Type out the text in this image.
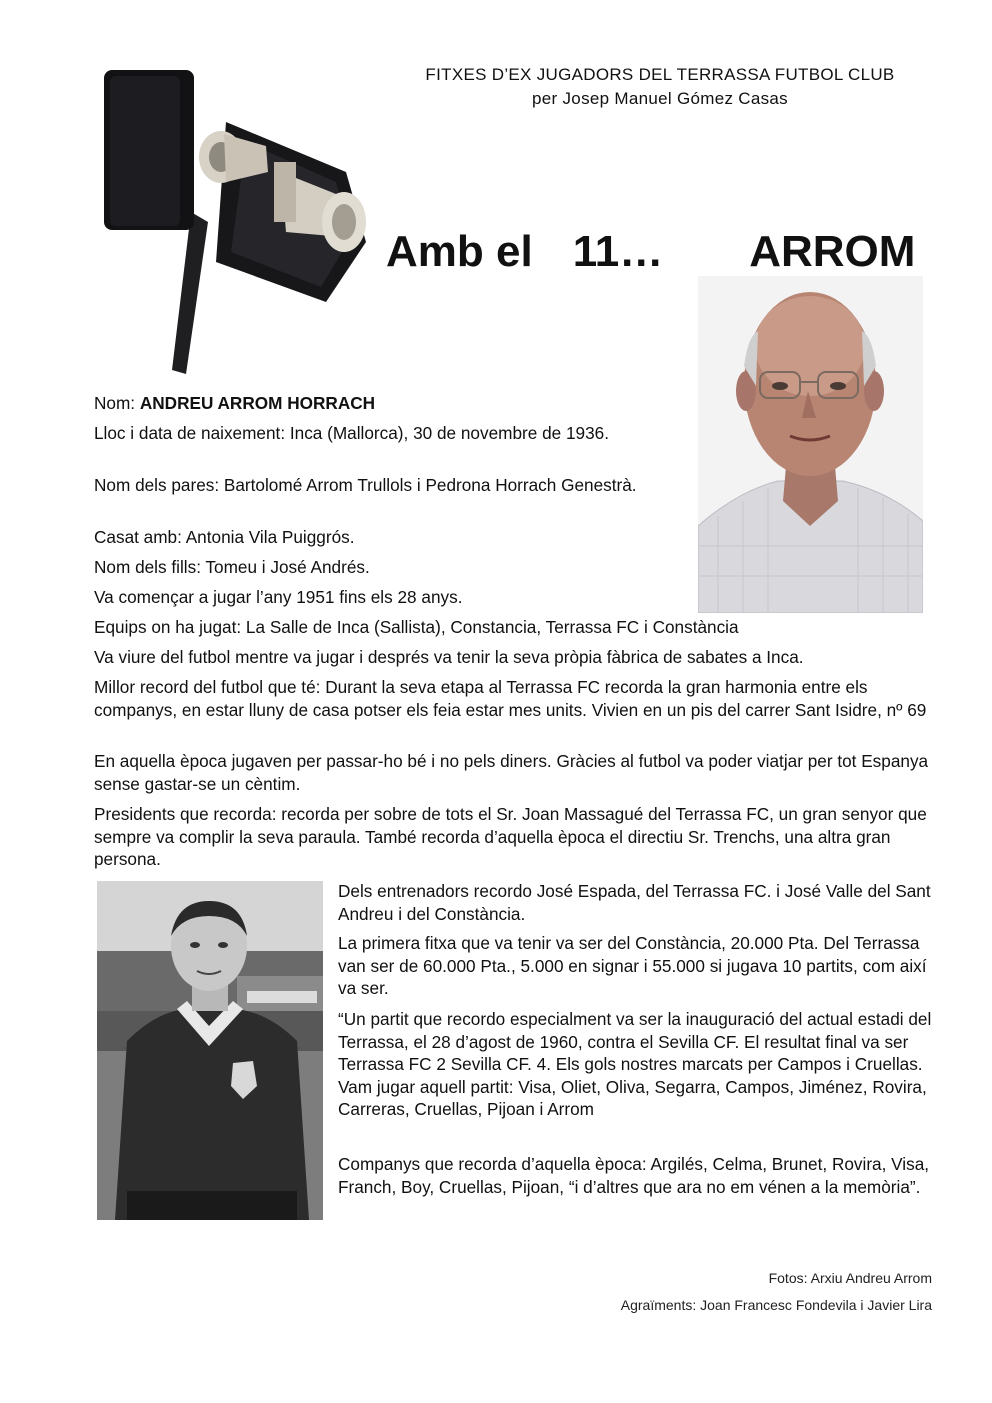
FITXES D’EX JUGADORS DEL TERRASSA FUTBOL CLUB
per Josep Manuel Gómez Casas
Amb el 11… ARROM

Nom: ANDREU ARROM HORRACH

Lloc i data de naixement: Inca (Mallorca), 30 de novembre de 1936.

Nom dels pares: Bartolomé Arrom Trullols i Pedrona Horrach Genestrà.

Casat amb: Antonia Vila Puiggrós.

Nom dels fills: Tomeu i José Andrés.

Va començar a jugar l’any 1951 fins els 28 anys.

Equips on ha jugat: La Salle de Inca (Sallista), Constancia, Terrassa FC i Constància

Va viure del futbol mentre va jugar i després va tenir la seva pròpia fàbrica de sabates a Inca.

Millor record del futbol que té: Durant la seva etapa al Terrassa FC recorda la gran harmonia entre els companys, en estar lluny de casa potser els feia estar mes units. Vivien en un pis del carrer Sant Isidre, nº 69

En aquella època jugaven per passar-ho bé i no pels diners. Gràcies al futbol va poder viatjar per tot Espanya sense gastar-se un cèntim.

Presidents que recorda: recorda per sobre de tots el Sr. Joan Massagué del Terrassa FC, un gran senyor que sempre va complir la seva paraula. També recorda d’aquella època el directiu Sr. Trenchs, una altra gran persona.

Dels entrenadors recordo José Espada, del Terrassa FC. i José Valle del Sant Andreu i del Constància.

La primera fitxa que va tenir va ser del Constància, 20.000 Pta. Del Terrassa van ser de 60.000 Pta., 5.000 en signar i 55.000 si jugava 10 partits, com així va ser.

“Un partit que recordo especialment va ser la inauguració del actual estadi del Terrassa, el 28 d’agost de 1960, contra el Sevilla CF. El resultat final va ser Terrassa FC 2 Sevilla CF. 4. Els gols nostres marcats per Campos i Cruellas. Vam jugar aquell partit: Visa, Oliet, Oliva, Segarra, Campos, Jiménez, Rovira, Carreras, Cruellas, Pijoan i Arrom

Companys que recorda d’aquella època: Argilés, Celma, Brunet, Rovira, Visa, Franch, Boy, Cruellas, Pijoan, “i d’altres que ara no em vénen a la memòria”.

Fotos: Arxiu Andreu Arrom
Agraïments: Joan Francesc Fondevila i Javier Lira
